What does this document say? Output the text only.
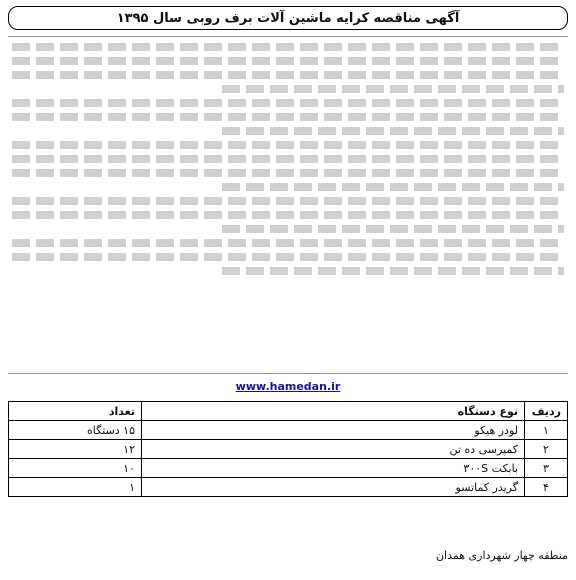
آگهی مناقصه کرایه ماشین آلات برف روبی سال ۱۳۹۵
www.hamedan.ir
ردیف	نوع دستگاه	تعداد
۱	لودر هیکو	۱۵ دستگاه
۲	کمپرسی ده تن	۱۲
۳	بابکت ۳۰۰S	۱۰
۴	گریدر کماتسو	۱
منطقه چهار شهرداری همدان
